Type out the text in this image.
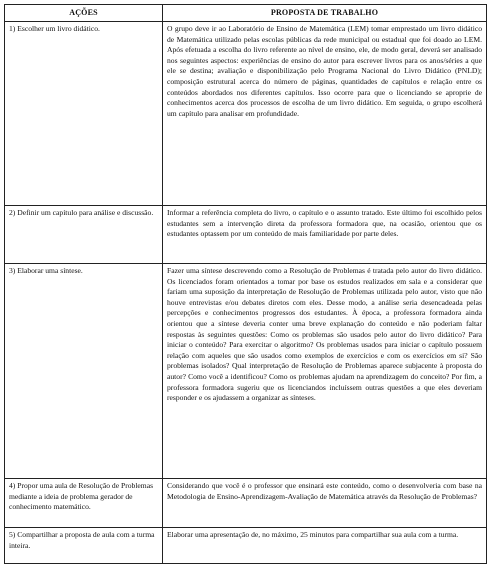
AÇÕES	PROPOSTA DE TRABALHO
1) Escolher um livro didático.	O grupo deve ir ao Laboratório de Ensino de Matemática (LEM) tomar emprestado um livro didático de Matemática utilizado pelas escolas públicas da rede municipal ou estadual que foi doado ao LEM. Após efetuada a escolha do livro referente ao nível de ensino, ele, de modo geral, deverá ser analisado nos seguintes aspectos: experiências de ensino do autor para escrever livros para os anos/séries a que ele se destina; avaliação e disponibilização pelo Programa Nacional do Livro Didático (PNLD); composição estrutural acerca do número de páginas, quantidades de capítulos e relação entre os conteúdos abordados nos diferentes capítulos. Isso ocorre para que o licenciando se aproprie de conhecimentos acerca dos processos de escolha de um livro didático. Em seguida, o grupo escolherá um capítulo para analisar em profundidade.
2) Definir um capítulo para análise e discussão.	Informar a referência completa do livro, o capítulo e o assunto tratado. Este último foi escolhido pelos estudantes sem a intervenção direta da professora formadora que, na ocasião, orientou que os estudantes optassem por um conteúdo de mais familiaridade por parte deles.
3) Elaborar uma síntese.	Fazer uma síntese descrevendo como a Resolução de Problemas é tratada pelo autor do livro didático. Os licenciados foram orientados a tomar por base os estudos realizados em sala e a considerar que fariam uma suposição da interpretação de Resolução de Problemas utilizada pelo autor, visto que não houve entrevistas e/ou debates diretos com eles. Desse modo, a análise seria desencadeada pelas percepções e conhecimentos progressos dos estudantes. À época, a professora formadora ainda orientou que a síntese deveria conter uma breve explanação do conteúdo e não poderiam faltar respostas às seguintes questões: Como os problemas são usados pelo autor do livro didático? Para iniciar o conteúdo? Para exercitar o algoritmo? Os problemas usados para iniciar o capítulo possuem relação com aqueles que são usados como exemplos de exercícios e com os exercícios em si? São problemas isolados? Qual interpretação de Resolução de Problemas aparece subjacente à proposta do autor? Como você a identificou? Como os problemas ajudam na aprendizagem do conceito? Por fim, a professora formadora sugeriu que os licenciandos incluíssem outras questões a que eles deveriam responder e os ajudassem a organizar as sínteses.
4) Propor uma aula de Resolução de Problemas mediante a ideia de problema gerador de conhecimento matemático.	Considerando que você é o professor que ensinará este conteúdo, como o desenvolveria com base na Metodologia de Ensino-Aprendizagem-Avaliação de Matemática através da Resolução de Problemas?
5) Compartilhar a proposta de aula com a turma inteira.	Elaborar uma apresentação de, no máximo, 25 minutos para compartilhar sua aula com a turma.
